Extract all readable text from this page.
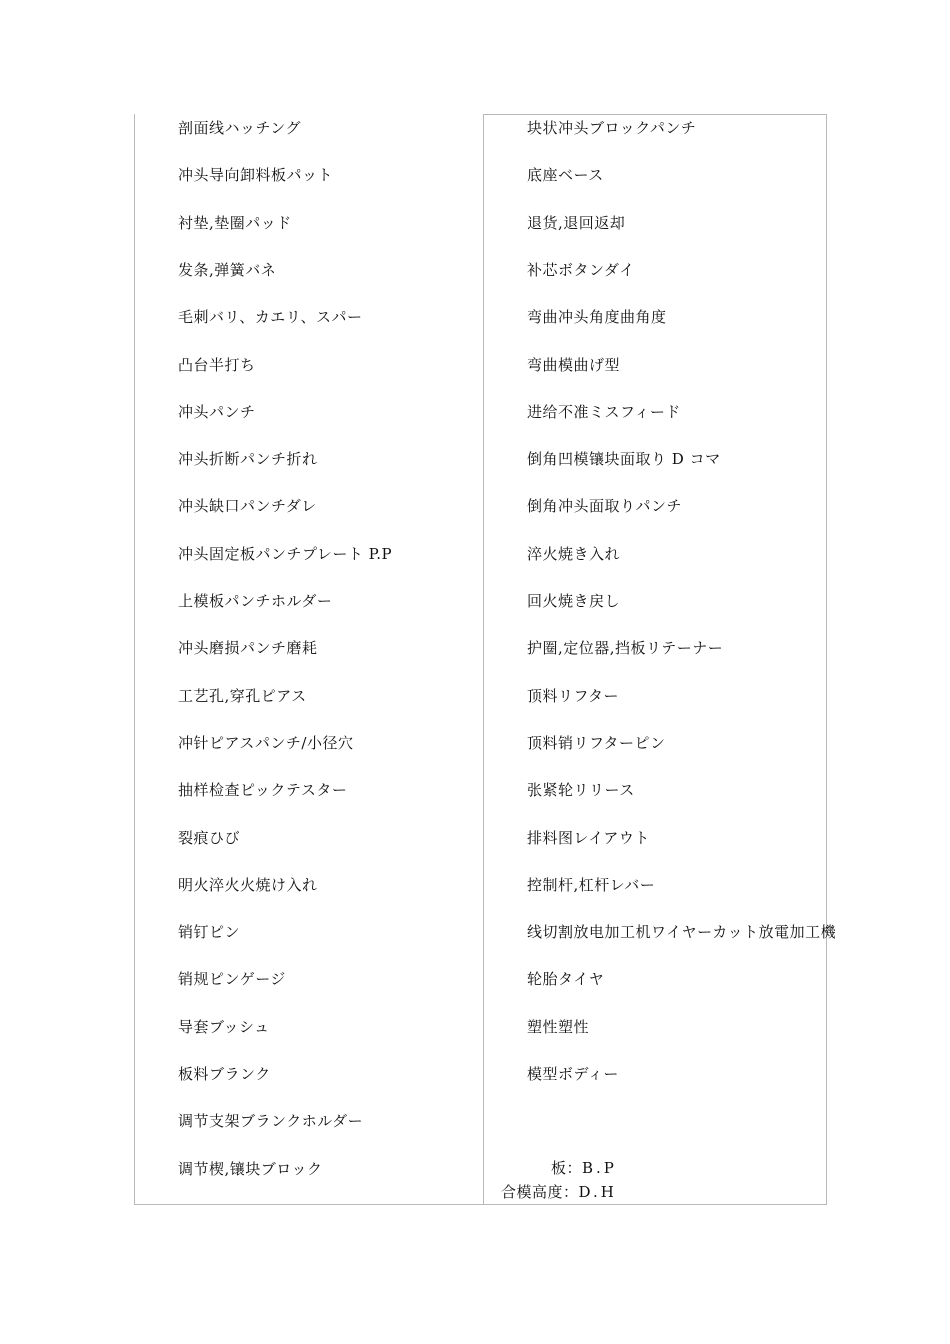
剖面线ハッチング
冲头导向卸料板パット
衬垫,垫圈パッド
发条,弹簧バネ
毛刺バリ、カエリ、スパー
凸台半打ち
冲头パンチ
冲头折断パンチ折れ
冲头缺口パンチダレ
冲头固定板パンチプレート P.P
上模板パンチホルダー
冲头磨损パンチ磨耗
工艺孔,穿孔ピアス
冲针ピアスパンチ/小径穴
抽样检查ピックテスター
裂痕ひび
明火淬火火焼け入れ
销钉ピン
销规ピンゲージ
导套ブッシュ
板料ブランク
调节支架ブランクホルダー
调节楔,镶块ブロック
块状冲头ブロックパンチ
底座ベース
退货,退回返却
补芯ボタンダイ
弯曲冲头角度曲角度
弯曲模曲げ型
进给不准ミスフィード
倒角凹模镶块面取り D コマ
倒角冲头面取りパンチ
淬火焼き入れ
回火焼き戻し
护圈,定位器,挡板リテーナー
顶料リフター
顶料销リフターピン
张紧轮リリース
排料图レイアウト
控制杆,杠杆レバー
线切割放电加工机ワイヤーカット放電加工機
轮胎タイヤ
塑性塑性
模型ボディー
板：B.P
合模高度：D.H
